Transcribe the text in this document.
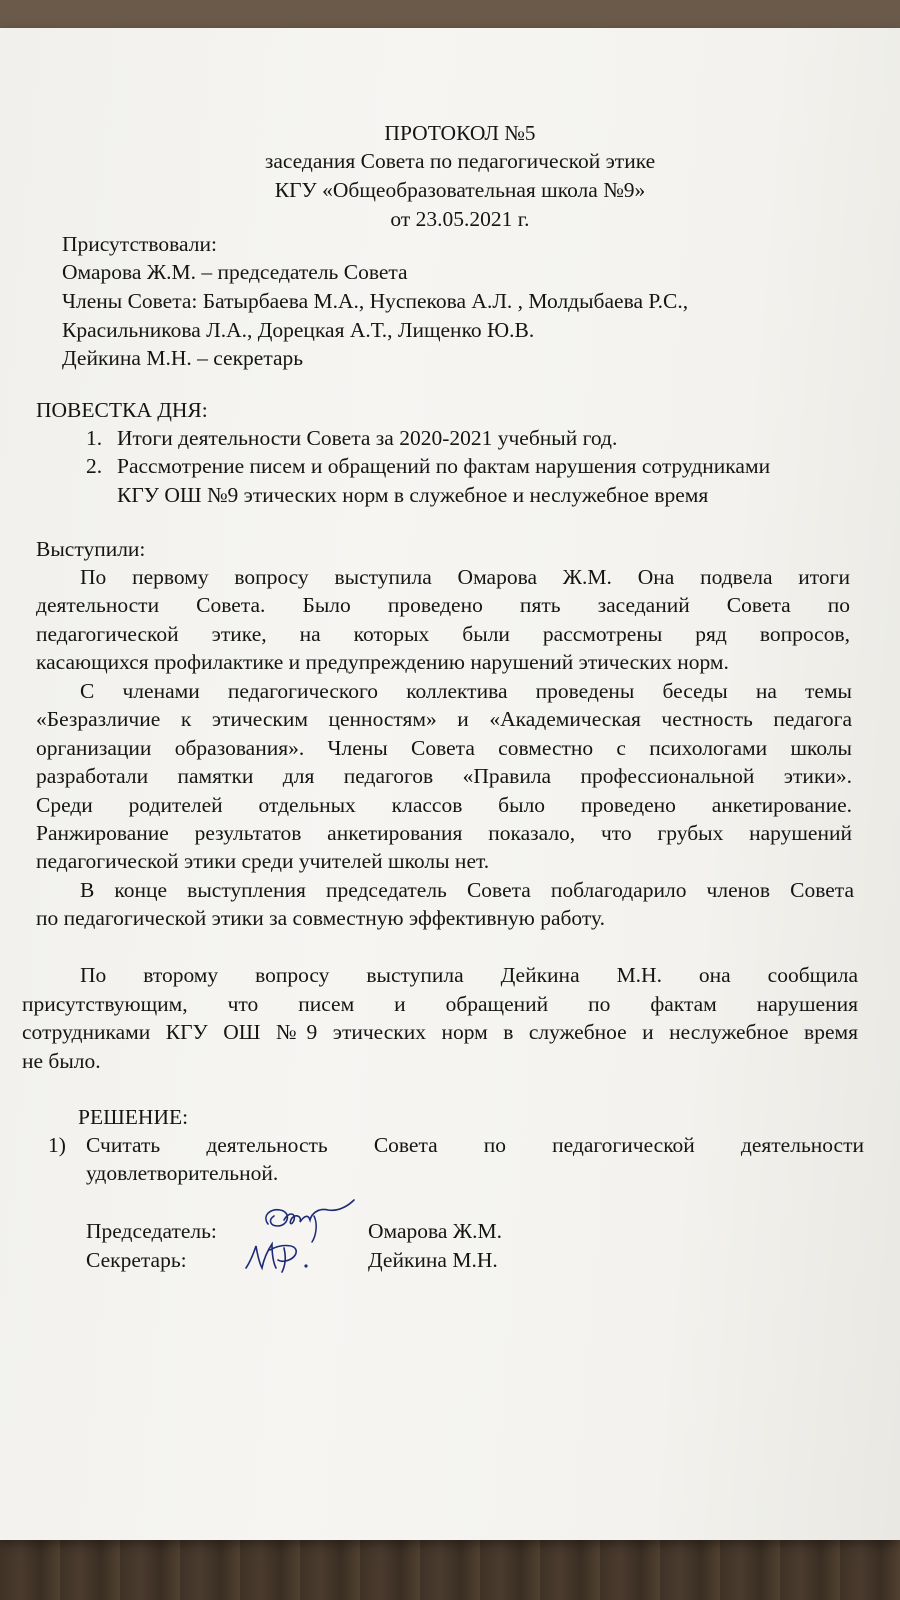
ПРОТОКОЛ №5
заседания Совета по педагогической этике
КГУ «Общеобразовательная школа №9»
от 23.05.2021 г.
Присутствовали:
Омарова Ж.М. – председатель Совета
Члены Совета: Батырбаева М.А., Нуспекова А.Л. , Молдыбаева Р.С.,
Красильникова Л.А., Дорецкая А.Т., Лищенко Ю.В.
Дейкина М.Н. – секретарь
ПОВЕСТКА ДНЯ:
1. Итоги деятельности Совета за 2020-2021 учебный год.
2. Рассмотрение писем и обращений по фактам нарушения сотрудниками
КГУ ОШ №9 этических норм в служебное и неслужебное время
Выступили:
По первому вопросу выступила Омарова Ж.М. Она подвела итоги
деятельности Совета. Было проведено пять заседаний Совета по
педагогической этике, на которых были рассмотрены ряд вопросов,
касающихся профилактике и предупреждению нарушений этических норм.
С членами педагогического коллектива проведены беседы на темы
«Безразличие к этическим ценностям» и «Академическая честность педагога
организации образования». Члены Совета совместно с психологами школы
разработали памятки для педагогов «Правила профессиональной этики».
Среди родителей отдельных классов было проведено анкетирование.
Ранжирование результатов анкетирования показало, что грубых нарушений
педагогической этики среди учителей школы нет.
В конце выступления председатель Совета поблагодарило членов Совета
по педагогической этики за совместную эффективную работу.
По второму вопросу выступила Дейкина М.Н. она сообщила
присутствующим, что писем и обращений по фактам нарушения
сотрудниками КГУ ОШ №9 этических норм в служебное и неслужебное время
не было.
РЕШЕНИЕ:
1) Считать деятельность Совета по педагогической деятельности
удовлетворительной.
Председатель:	Омарова Ж.М.
Секретарь:	Дейкина М.Н.
